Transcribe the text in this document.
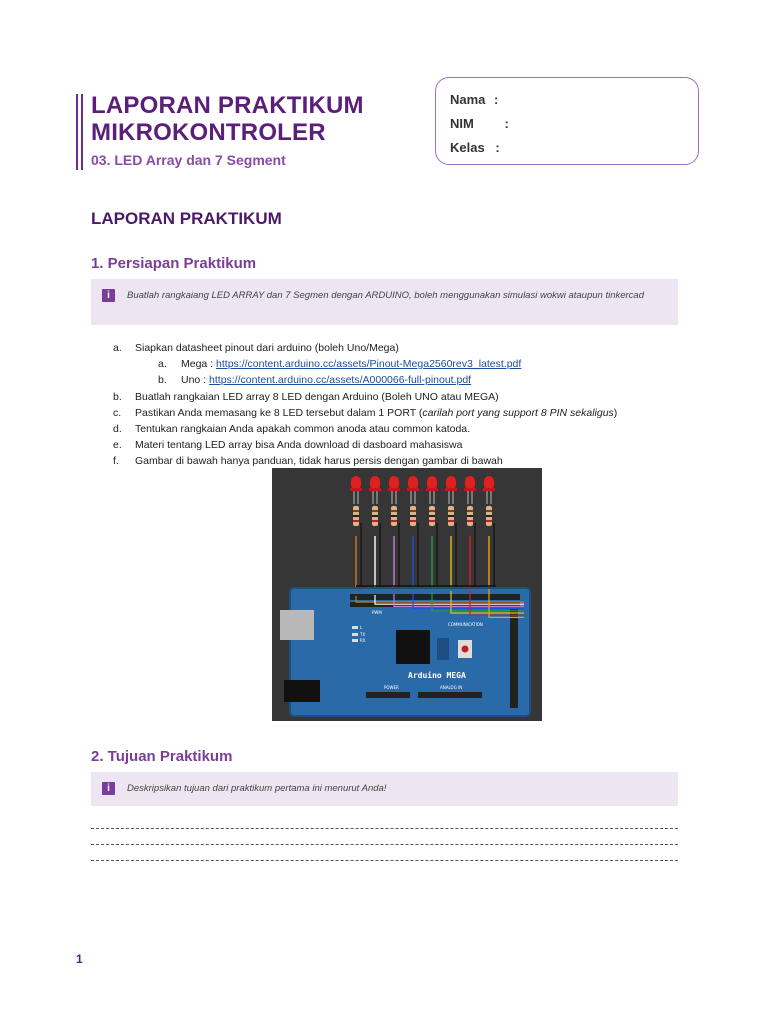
LAPORAN PRAKTIKUM
MIKROKONTROLER
03. LED Array dan 7 Segment
Nama :
NIM :
Kelas :
LAPORAN PRAKTIKUM
1. Persiapan Praktikum
i	Buatlah rangkaiang LED ARRAY dan 7 Segmen dengan ARDUINO, boleh menggunakan simulasi wokwi ataupun tinkercad
a.	Siapkan datasheet pinout dari arduino (boleh Uno/Mega)
a.	Mega : https://content.arduino.cc/assets/Pinout-Mega2560rev3_latest.pdf
b.	Uno : https://content.arduino.cc/assets/A000066-full-pinout.pdf
b.	Buatlah rangkaian LED array 8 LED dengan Arduino (Boleh UNO atau MEGA)
c.	Pastikan Anda memasang ke 8 LED tersebut dalam 1 PORT (carilah port yang support 8 PIN sekaligus)
d.	Tentukan rangkaian Anda apakah common anoda atau common katoda.
e.	Materi tentang LED array bisa Anda download di dasboard mahasiswa
f.	Gambar di bawah hanya panduan, tidak harus persis dengan gambar di bawah
Arduino MEGA
POWER	ANALOG IN
PWM
COMMUNICATION
L
TX
RX
2. Tujuan Praktikum
i	Deskripsikan tujuan dari praktikum pertama ini menurut Anda!
1
